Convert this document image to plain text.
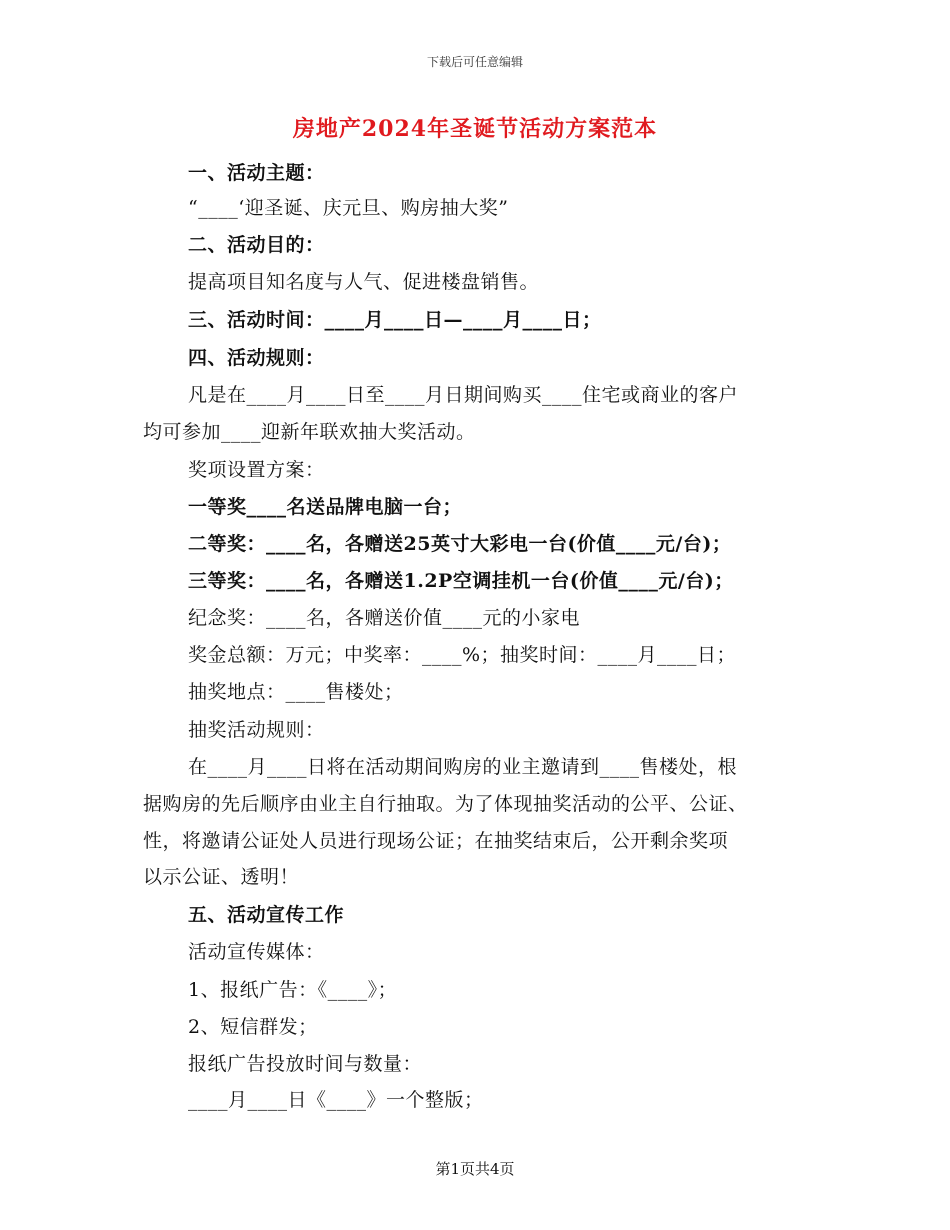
下载后可任意编辑
房地产2024年圣诞节活动方案范本
一、活动主题：
“____‘迎圣诞、庆元旦、购房抽大奖”
二、活动目的：
提高项目知名度与人气、促进楼盘销售。
三、活动时间：____月____日—____月____日；
四、活动规则：
凡是在____月____日至____月日期间购买____住宅或商业的客户
均可参加____迎新年联欢抽大奖活动。
奖项设置方案：
一等奖____名送品牌电脑一台；
二等奖：____名，各赠送25英寸大彩电一台(价值____元/台)；
三等奖：____名，各赠送1.2P空调挂机一台(价值____元/台)；
纪念奖：____名，各赠送价值____元的小家电
奖金总额：万元；中奖率：____%；抽奖时间：____月____日；
抽奖地点：____售楼处；
抽奖活动规则：
在____月____日将在活动期间购房的业主邀请到____售楼处，根
据购房的先后顺序由业主自行抽取。为了体现抽奖活动的公平、公证、
性，将邀请公证处人员进行现场公证；在抽奖结束后，公开剩余奖项
以示公证、透明！
五、活动宣传工作
活动宣传媒体：
1、报纸广告：《____》；
2、短信群发；
报纸广告投放时间与数量：
____月____日《____》一个整版；
第1页共4页
